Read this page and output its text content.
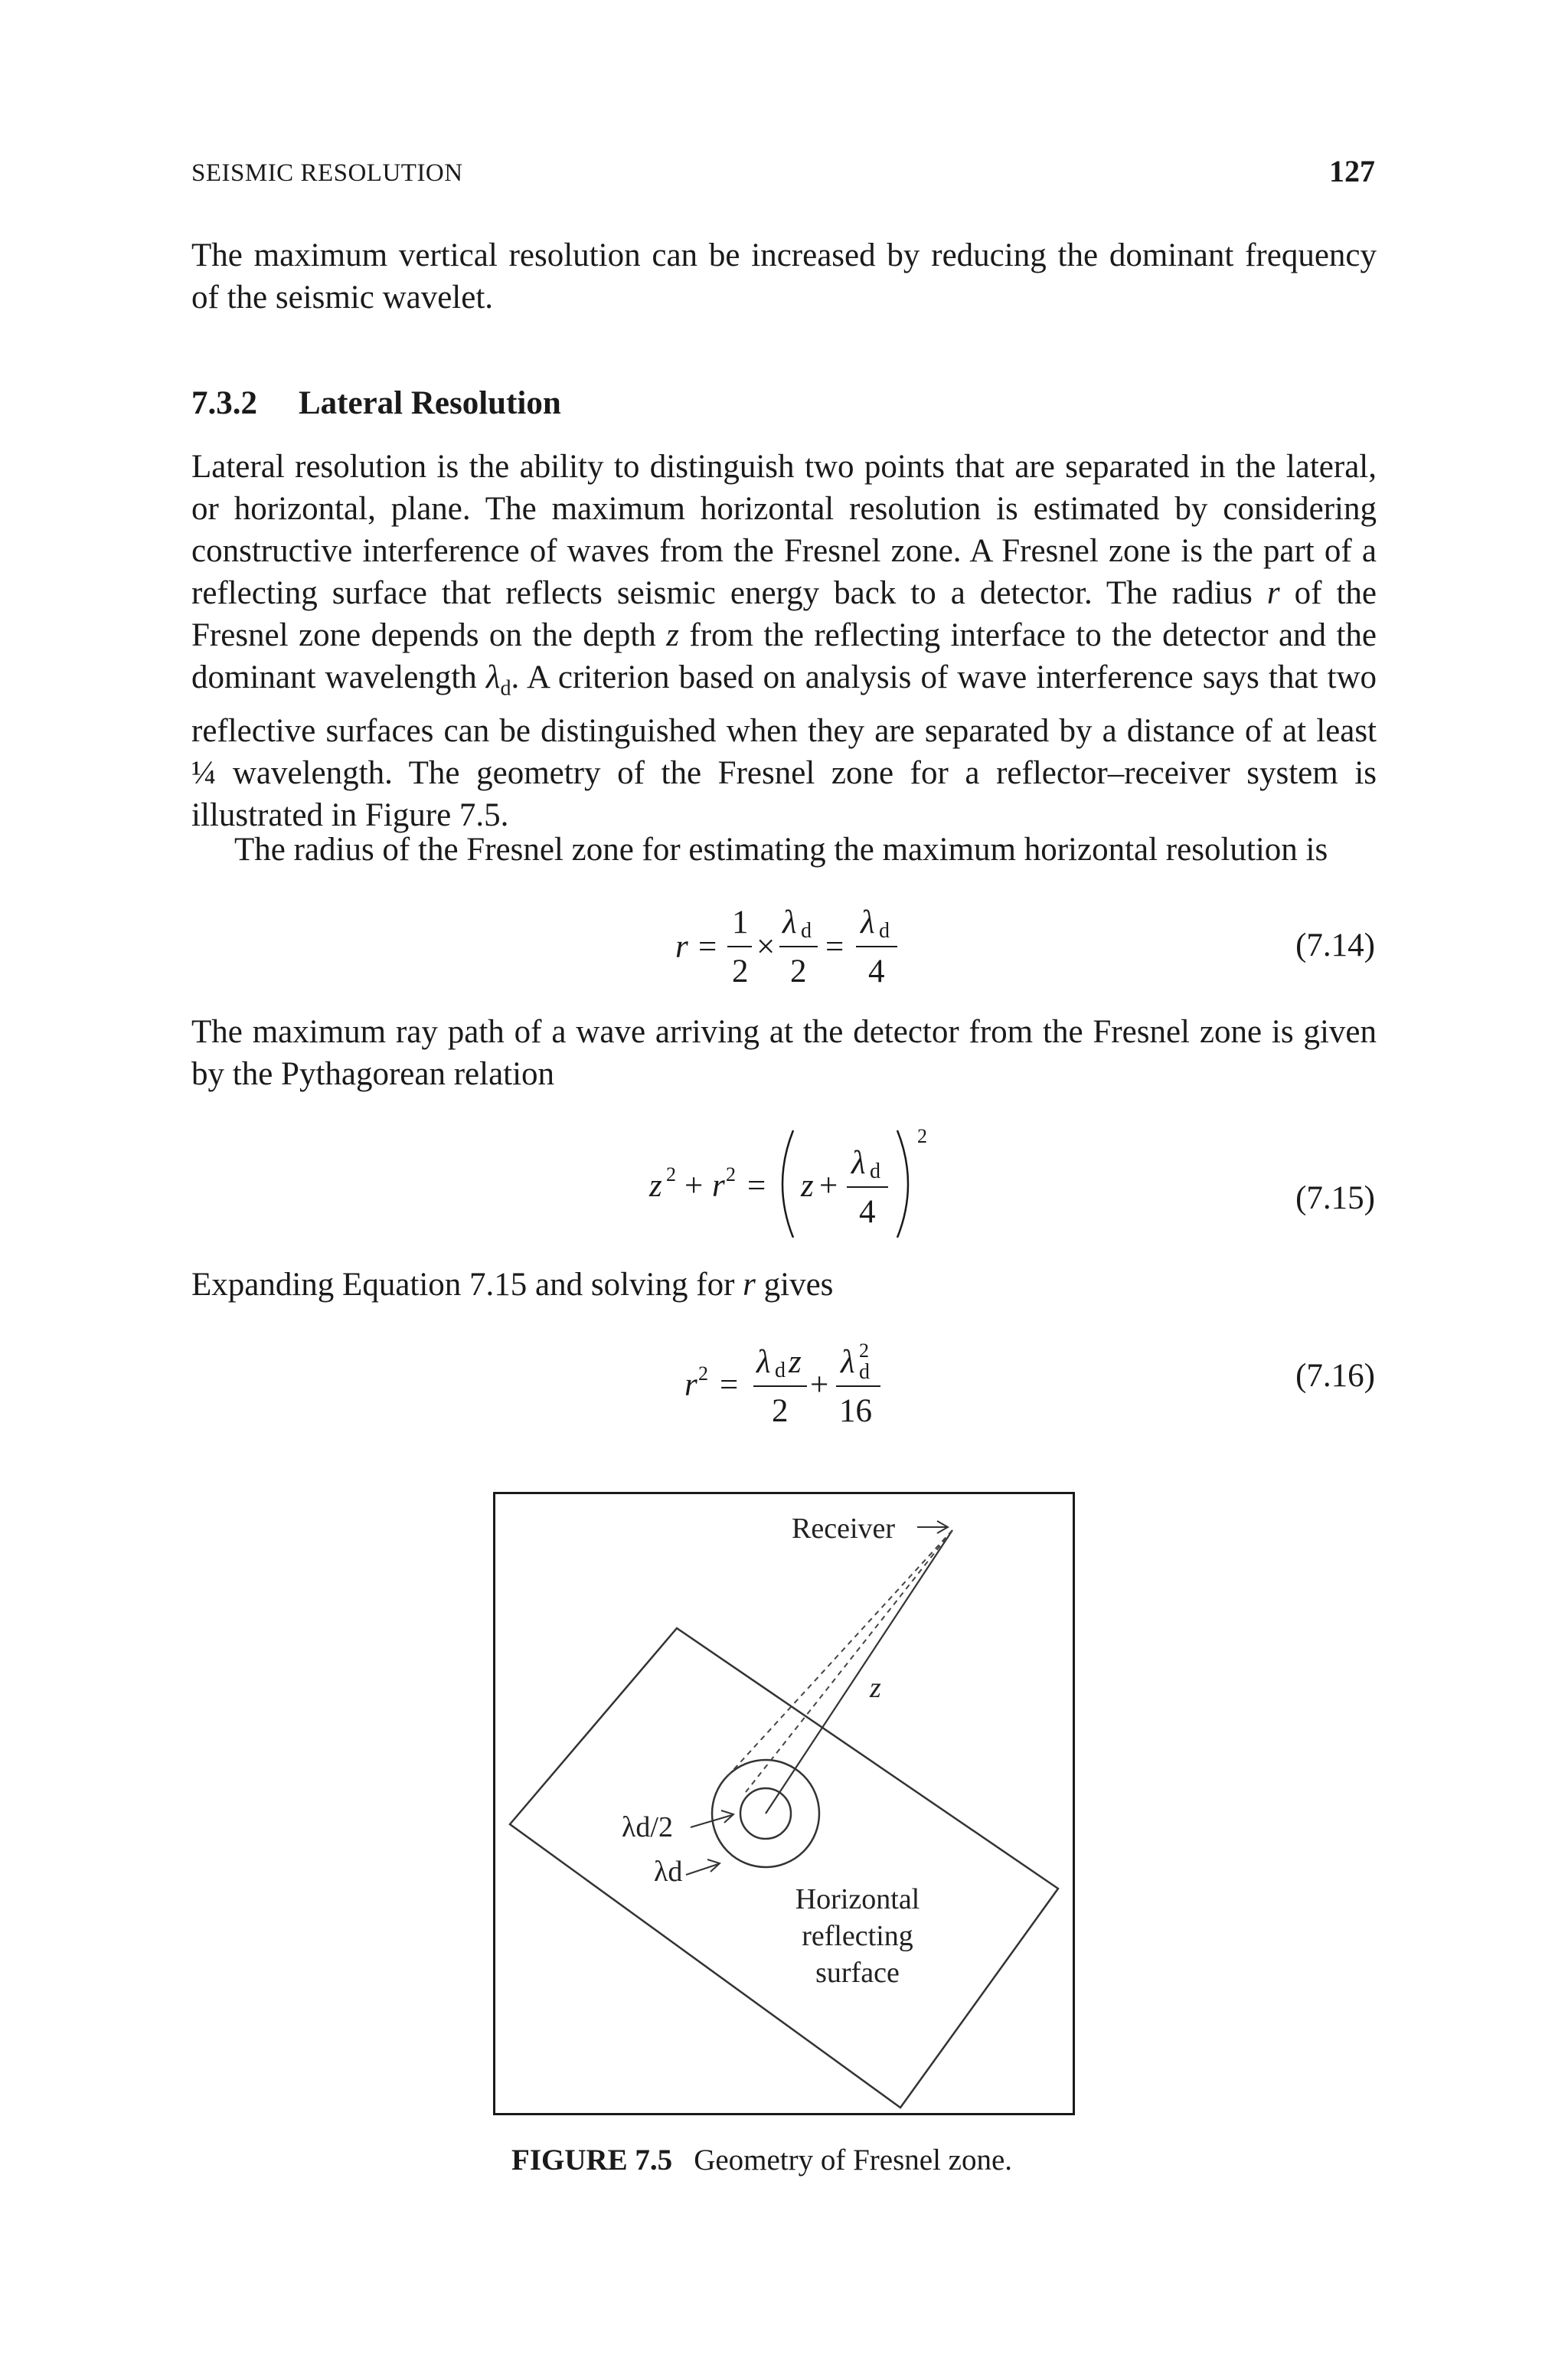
SEISMIC RESOLUTION	127
The maximum vertical resolution can be increased by reducing the dominant frequency of the seismic wavelet.
7.3.2 Lateral Resolution
Lateral resolution is the ability to distinguish two points that are separated in the lateral, or horizontal, plane. The maximum horizontal resolution is estimated by considering constructive interference of waves from the Fresnel zone. A Fresnel zone is the part of a reflecting surface that reflects seismic energy back to a detector. The radius r of the Fresnel zone depends on the depth z from the reflecting interface to the detector and the dominant wavelength $\lambda_d$. A criterion based on analysis of wave interference says that two reflective surfaces can be distinguished when they are separated by a distance of at least ¼ wavelength. The geometry of the Fresnel zone for a reflector–receiver system is illustrated in Figure 7.5.
The radius of the Fresnel zone for estimating the maximum horizontal resolution is
r =
1
2
×
λ d
2
=
λ d
4
(7.14)
The maximum ray path of a wave arriving at the detector from the Fresnel zone is given by the Pythagorean relation
z 2 + r 2 = z +
λ d
4
2
(7.15)
Expanding Equation 7.15 and solving for r gives
r 2 =
λ d z
2
+
λ 2
d
16
(7.16)
Receiver
z
λd/2
λd
Horizontal
reflecting
surface
FIGURE 7.5 Geometry of Fresnel zone.
